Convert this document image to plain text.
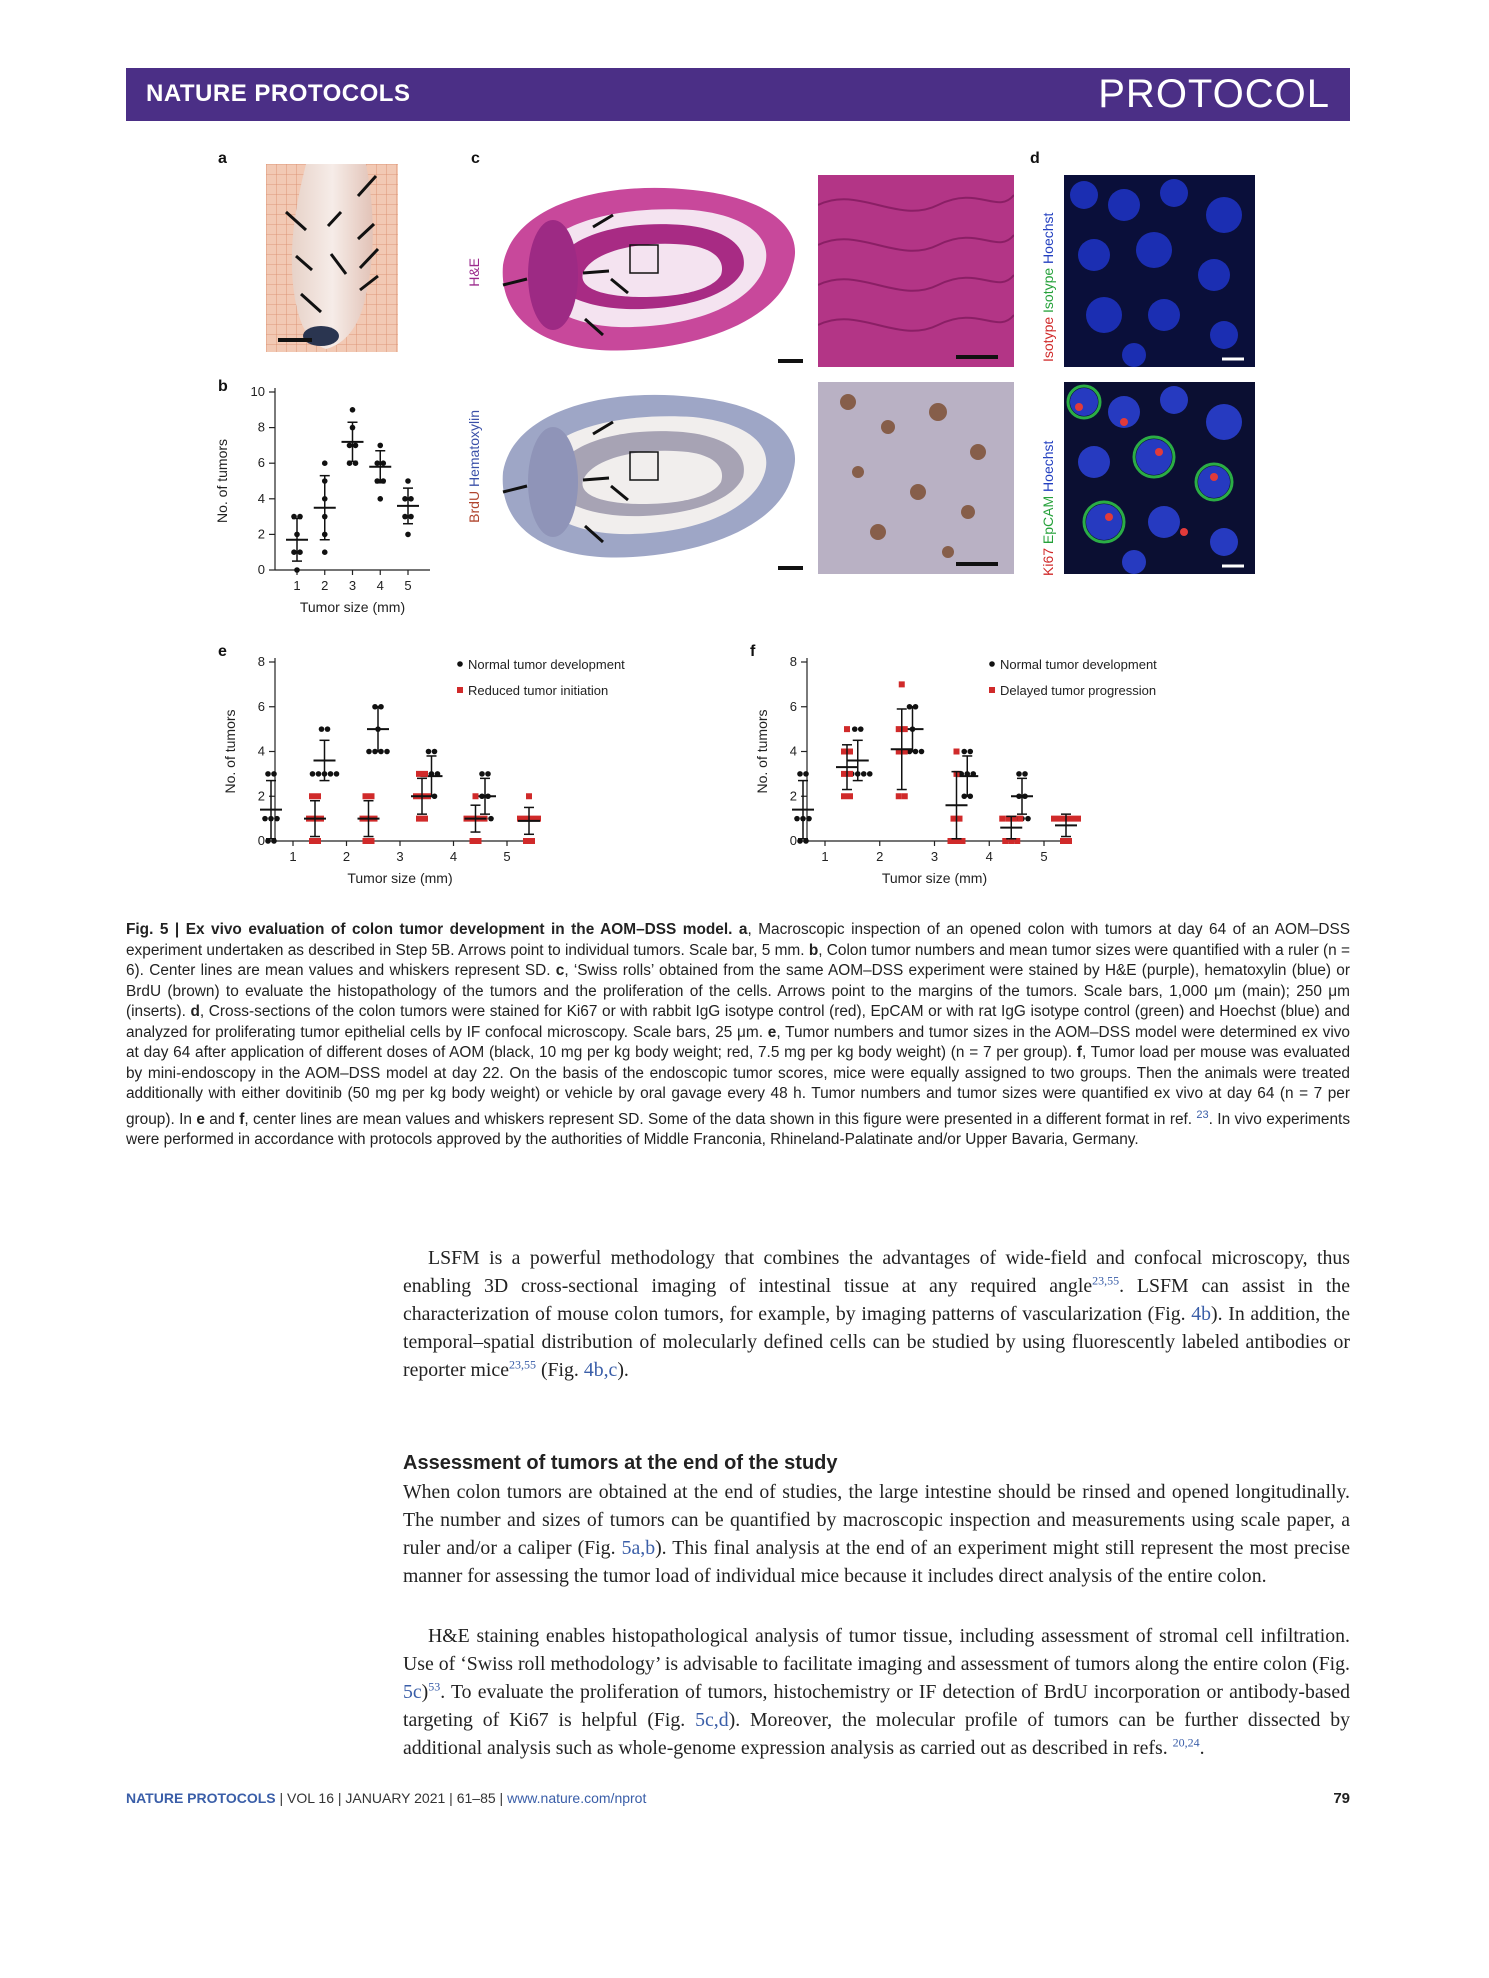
NATURE PROTOCOLS	PROTOCOL
a	c	d
b
e	f
H&E
BrdU Hematoxylin
Isotype Isotype Hoechst
Ki67 EpCAM Hoechst
0
2
4
6
8
10
1 2 3 4 5
Tumor size (mm)
No. of tumors
0
2
4
6
8
1	2	3	4	5
Tumor size (mm)
No. of tumors
Normal tumor development
Reduced tumor initiation
0
2
4
6
8
1	2	3	4	5
Tumor size (mm)
No. of tumors
Normal tumor development
Delayed tumor progression
Fig. 5 | Ex vivo evaluation of colon tumor development in the AOM–DSS model. a, Macroscopic inspection of an opened colon with tumors at day 64 of an AOM–DSS experiment undertaken as described in Step 5B. Arrows point to individual tumors. Scale bar, 5 mm. b, Colon tumor numbers and mean tumor sizes were quantified with a ruler (n = 6). Center lines are mean values and whiskers represent SD. c, ‘Swiss rolls’ obtained from the same AOM–DSS experiment were stained by H&E (purple), hematoxylin (blue) or BrdU (brown) to evaluate the histopathology of the tumors and the proliferation of the cells. Arrows point to the margins of the tumors. Scale bars, 1,000 μm (main); 250 μm (inserts). d, Cross-sections of the colon tumors were stained for Ki67 or with rabbit IgG isotype control (red), EpCAM or with rat IgG isotype control (green) and Hoechst (blue) and analyzed for proliferating tumor epithelial cells by IF confocal microscopy. Scale bars, 25 μm. e, Tumor numbers and tumor sizes in the AOM–DSS model were determined ex vivo at day 64 after application of different doses of AOM (black, 10 mg per kg body weight; red, 7.5 mg per kg body weight) (n = 7 per group). f, Tumor load per mouse was evaluated by mini-endoscopy in the AOM–DSS model at day 22. On the basis of the endoscopic tumor scores, mice were equally assigned to two groups. Then the animals were treated additionally with either dovitinib (50 mg per kg body weight) or vehicle by oral gavage every 48 h. Tumor numbers and tumor sizes were quantified ex vivo at day 64 (n = 7 per group). In e and f, center lines are mean values and whiskers represent SD. Some of the data shown in this figure were presented in a different format in ref. $^{23}$. In vivo experiments were performed in accordance with protocols approved by the authorities of Middle Franconia, Rhineland-Palatinate and/or Upper Bavaria, Germany.
LSFM is a powerful methodology that combines the advantages of wide-field and confocal microscopy, thus enabling 3D cross-sectional imaging of intestinal tissue at any required angle$^{23,55}$. LSFM can assist in the characterization of mouse colon tumors, for example, by imaging patterns of vascularization (Fig. 4b). In addition, the temporal–spatial distribution of molecularly defined cells can be studied by using fluorescently labeled antibodies or reporter mice$^{23,55}$ (Fig. 4b,c).
Assessment of tumors at the end of the study
When colon tumors are obtained at the end of studies, the large intestine should be rinsed and opened longitudinally. The number and sizes of tumors can be quantified by macroscopic inspection and measurements using scale paper, a ruler and/or a caliper (Fig. 5a,b). This final analysis at the end of an experiment might still represent the most precise manner for assessing the tumor load of individual mice because it includes direct analysis of the entire colon.
H&E staining enables histopathological analysis of tumor tissue, including assessment of stromal cell infiltration. Use of ‘Swiss roll methodology’ is advisable to facilitate imaging and assessment of tumors along the entire colon (Fig. 5c)$^{53}$. To evaluate the proliferation of tumors, histochemistry or IF detection of BrdU incorporation or antibody-based targeting of Ki67 is helpful (Fig. 5c,d). Moreover, the molecular profile of tumors can be further dissected by additional analysis such as whole-genome expression analysis as carried out as described in refs. $^{20,24}$.
NATURE PROTOCOLS | VOL 16 | JANUARY 2021 | 61–85 | www.nature.com/nprot	79
